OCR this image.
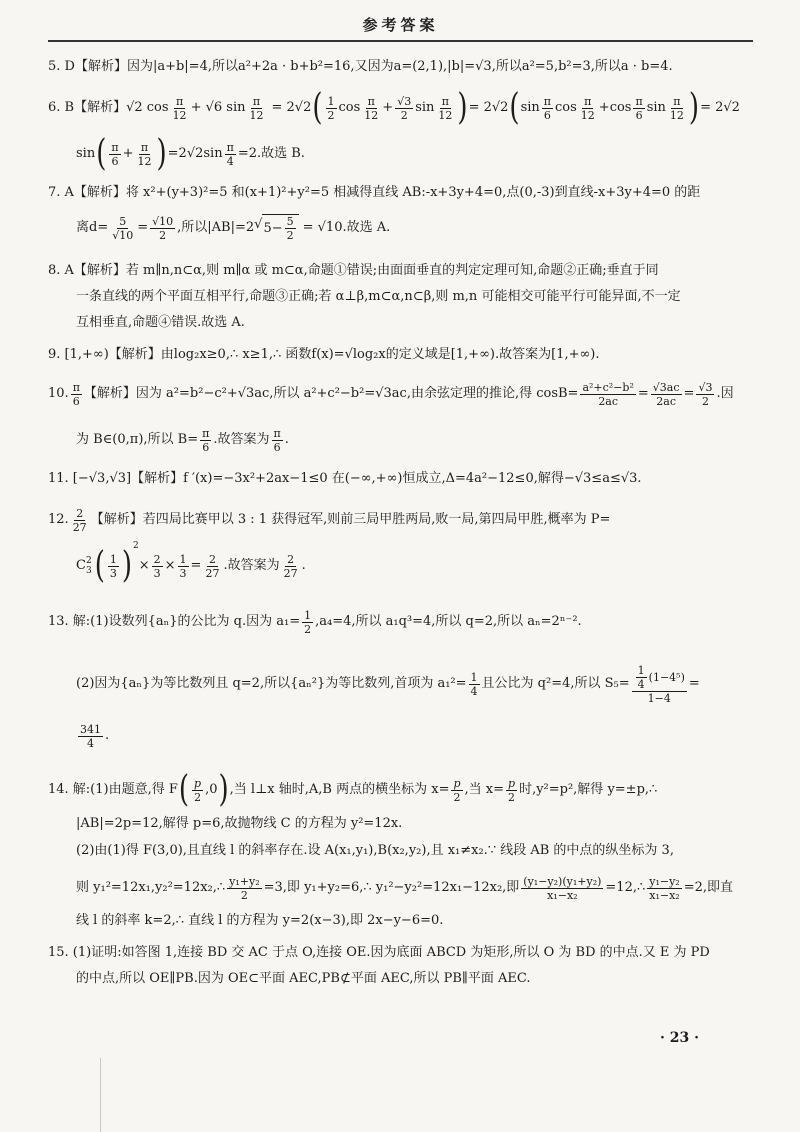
参考答案
5. D【解析】因为|a+b|=4,所以a²+2a · b+b²=16,又因为a=(2,1),|b|=√3,所以a²=5,b²=3,所以a · b=4.
6. B【解析】√2 $\cos \frac{\pi}{12} + √6$ $\sin \frac{\pi}{12} = 2√2$ ( $\frac{1}{2}$ $\cos \frac{\pi}{12} + \frac{√3}{2}$ $\sin \frac{\pi}{12}$ ) = 2√2 ( $\sin \frac{\pi}{6}$ $\cos \frac{\pi}{12} +\cos \frac{\pi}{6}$ $\sin \frac{\pi}{12}$ ) = 2√2
sin ( $\frac{\pi}{6} + \frac{\pi}{12}$ ) $=2√2\sin \frac{\pi}{4} =2$.故选 B.
7. A【解析】将 x²+(y+3)²=5 和(x+1)²+y²=5 相减得直线 AB:-x+3y+4=0,点(0,-3)到直线-x+3y+4=0 的距
离$d= \frac{5}{√10} = \frac{√10}{2}$ ,所以|AB|=2 √ $5- \frac{5}{2} = √10$.故选 A.
8. A【解析】若 m∥n,n⊂α,则 m∥α 或 m⊂α,命题①错误;由面面垂直的判定定理可知,命题②正确;垂直于同
一条直线的两个平面互相平行,命题③正确;若 α⊥β,m⊂α,n⊂β,则 m,n 可能相交可能平行可能异面,不一定
互相垂直,命题④错误.故选 A.
9. [1,+∞)【解析】由log₂x≥0,∴ x≥1,∴ 函数f(x)=√log₂x的定义域是[1,+∞).故答案为[1,+∞).
10. $\frac{\pi}{6}$ 【解析】因为 a²=b²−c²+√3ac,所以 a²+c²−b²=√3ac,由余弦定理的推论,得 $\cos B= \frac{\text{a²+c²−b²}}{2ac} = \frac{√3ac}{2ac} = \frac{√3}{2}$ .因
为 B∈(0,π),所以 $B= \frac{\pi}{6}$ .故答案为 $\frac{\pi}{6}$ .
11. [−√3,√3]【解析】f ′(x)=−3x²+2ax−1≤0 在(−∞,+∞)恒成立,Δ=4a²−12≤0,解得−√3≤a≤√3.
12. $\frac{2}{27}$ 【解析】若四局比赛甲以 3 : 1 获得冠军,则前三局甲胜两局,败一局,第四局甲胜,概率为 P=
C 2
3 ( $\frac{1}{3}$ ) 2
× $\frac{2}{3} \times \frac{1}{3} = \frac{2}{27}$ .故答案为 $\frac{2}{27}$ .
13. 解:(1)设数列{aₙ}的公比为 q.因为 $a_1= \frac{1}{2} ,a_4=4$,所以 a₁q³=4,所以 q=2,所以 aₙ=2ⁿ⁻².
(2)因为{aₙ}为等比数列且 q=2,所以{aₙ²}为等比数列,首项为 $a_1^2= \frac{1}{4}$ 且公比为 q²=4,所以 $S_5= \frac{\frac{1}{4} (1-4^5)}{1-4}$ =
$\frac{341}{4}$ .
14. 解:(1)由题意,得 F ( $\frac{p}{2} ,0$ ) ,当 l⊥x 轴时,A,B 两点的横坐标为 $x= \frac{p}{2}$ ,当 $x= \frac{p}{2}$ 时,y²=p²,解得 y=±p,∴
|AB|=2p=12,解得 p=6,故抛物线 C 的方程为 y²=12x.
(2)由(1)得 F(3,0),且直线 l 的斜率存在.设 A(x₁,y₁),B(x₂,y₂),且 x₁≠x₂.∵ 线段 AB 的中点的纵坐标为 3,
则 y₁²=12x₁,y₂²=12x₂,∴ $\frac{\text{y₁+y₂}}{2} =3$,即 y₁+y₂=6,∴ y₁²−y₂²=12x₁−12x₂,即 $\frac{\text{(y₁−y₂)(y₁+y₂)}}{\text{x₁−x₂}}$ =12,∴ $\frac{\text{y₁−y₂}}{\text{x₁−x₂}} =2$,即直
线 l 的斜率 k=2,∴ 直线 l 的方程为 y=2(x−3),即 2x−y−6=0.
15. (1)证明:如答图 1,连接 BD 交 AC 于点 O,连接 OE.因为底面 ABCD 为矩形,所以 O 为 BD 的中点.又 E 为 PD
的中点,所以 OE∥PB.因为 OE⊂平面 AEC,PB⊄平面 AEC,所以 PB∥平面 AEC.
· 23 ·
